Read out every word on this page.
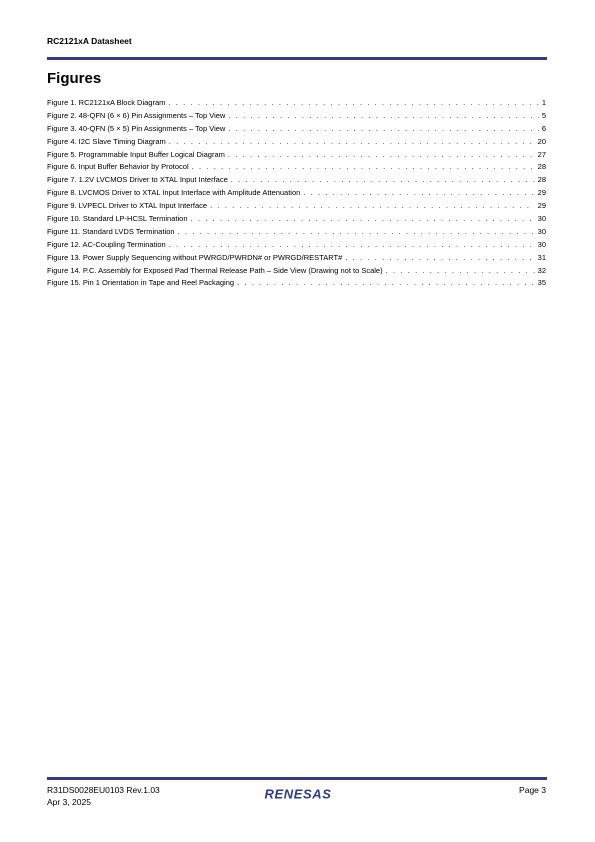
RC2121xA Datasheet
Figures
Figure 1. RC2121xA Block Diagram . . .	1
Figure 2. 48-QFN (6 × 6) Pin Assignments – Top View . . .	5
Figure 3. 40-QFN (5 × 5) Pin Assignments – Top View . . .	6
Figure 4. I2C Slave Timing Diagram . . .	20
Figure 5. Programmable Input Buffer Logical Diagram . . .	27
Figure 6. Input Buffer Behavior by Protocol . . .	28
Figure 7. 1.2V LVCMOS Driver to XTAL Input Interface . . .	28
Figure 8. LVCMOS Driver to XTAL Input Interface with Amplitude Attenuation . . .	29
Figure 9. LVPECL Driver to XTAL Input Interface . . .	29
Figure 10. Standard LP-HCSL Termination . . .	30
Figure 11. Standard LVDS Termination . . .	30
Figure 12. AC-Coupling Termination . . .	30
Figure 13. Power Supply Sequencing without PWRGD/PWRDN# or PWRGD/RESTART# . . .	31
Figure 14. P.C. Assembly for Exposed Pad Thermal Release Path – Side View (Drawing not to Scale) . . .	32
Figure 15. Pin 1 Orientation in Tape and Reel Packaging . . .	35
R31DS0028EU0103 Rev.1.03
Apr 3, 2025
RENESAS	Page 3
